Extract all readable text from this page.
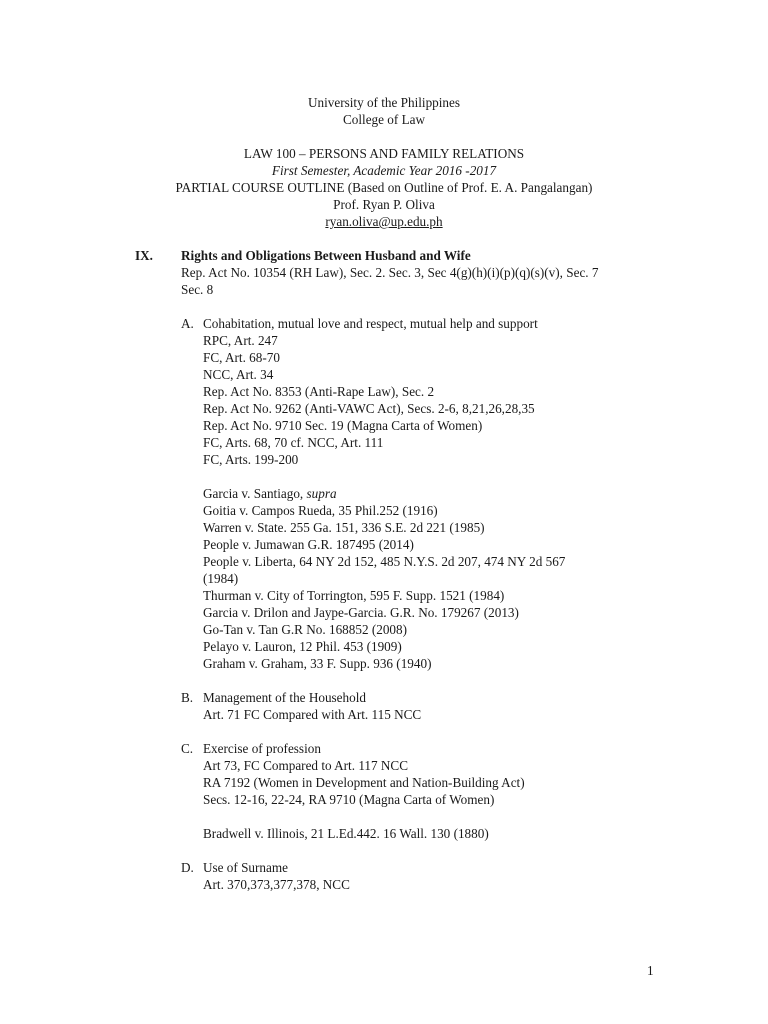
University of the Philippines
College of Law
LAW 100 – PERSONS AND FAMILY RELATIONS
First Semester, Academic Year 2016 -2017
PARTIAL COURSE OUTLINE (Based on Outline of Prof. E. A. Pangalangan)
Prof. Ryan P. Oliva
ryan.oliva@up.edu.ph
IX.	Rights and Obligations Between Husband and Wife
Rep. Act No. 10354 (RH Law), Sec. 2. Sec. 3, Sec 4(g)(h)(i)(p)(q)(s)(v), Sec. 7
Sec. 8
A. Cohabitation, mutual love and respect, mutual help and support
RPC, Art. 247
FC, Art. 68-70
NCC, Art. 34
Rep. Act No. 8353 (Anti-Rape Law), Sec. 2
Rep. Act No. 9262 (Anti-VAWC Act), Secs. 2-6, 8,21,26,28,35
Rep. Act No. 9710 Sec. 19 (Magna Carta of Women)
FC, Arts. 68, 70 cf. NCC, Art. 111
FC, Arts. 199-200
Garcia v. Santiago, supra
Goitia v. Campos Rueda, 35 Phil.252 (1916)
Warren v. State. 255 Ga. 151, 336 S.E. 2d 221 (1985)
People v. Jumawan G.R. 187495 (2014)
People v. Liberta, 64 NY 2d 152, 485 N.Y.S. 2d 207, 474 NY 2d 567
(1984)
Thurman v. City of Torrington, 595 F. Supp. 1521 (1984)
Garcia v. Drilon and Jaype-Garcia. G.R. No. 179267 (2013)
Go-Tan v. Tan G.R No. 168852 (2008)
Pelayo v. Lauron, 12 Phil. 453 (1909)
Graham v. Graham, 33 F. Supp. 936 (1940)
B. Management of the Household
Art. 71 FC Compared with Art. 115 NCC
C. Exercise of profession
Art 73, FC Compared to Art. 117 NCC
RA 7192 (Women in Development and Nation-Building Act)
Secs. 12-16, 22-24, RA 9710 (Magna Carta of Women)
Bradwell v. Illinois, 21 L.Ed.442. 16 Wall. 130 (1880)
D. Use of Surname
Art. 370,373,377,378, NCC
1
